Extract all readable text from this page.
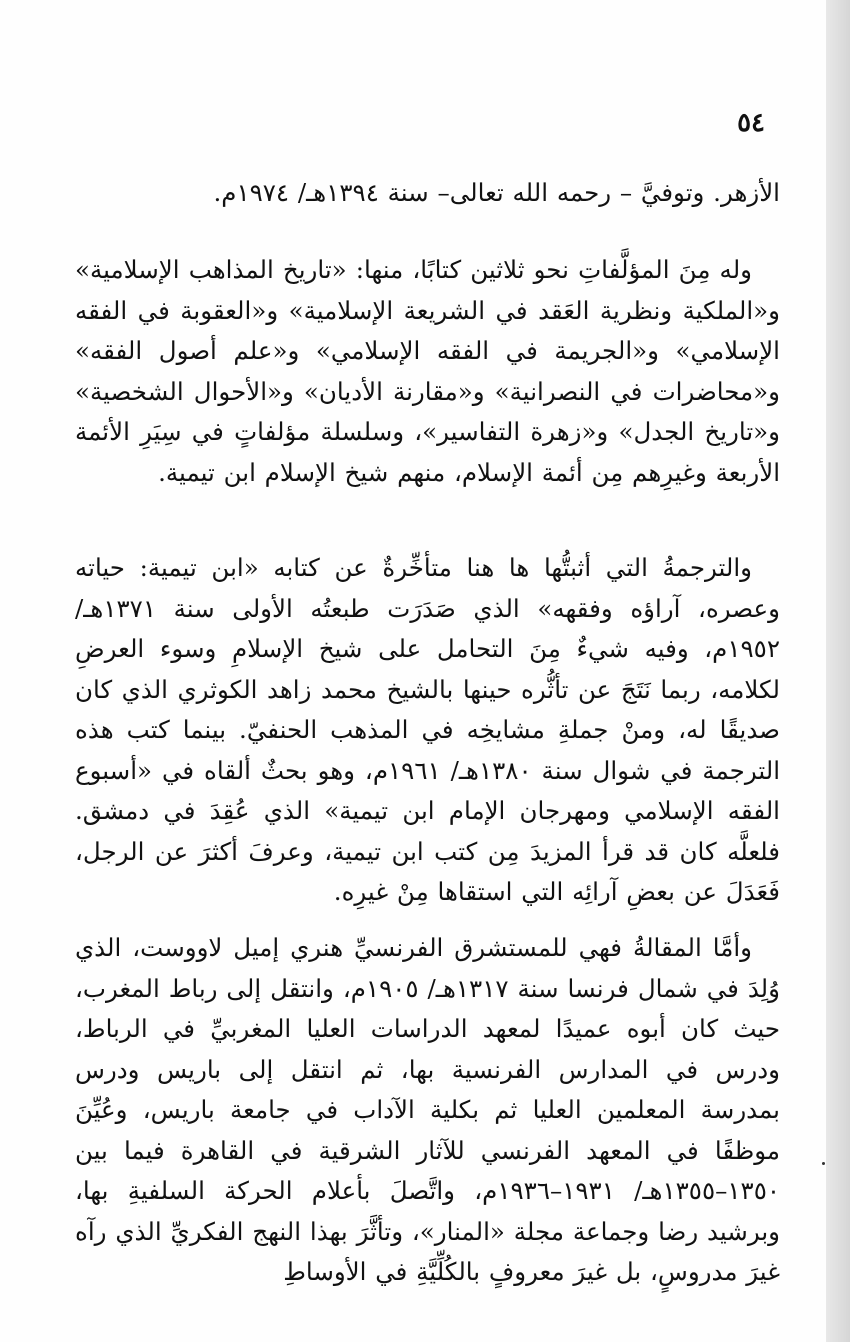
٥٤
الأزهر. وتوفيَّ – رحمه الله تعالى– سنة ١٣٩٤هـ/ ١٩٧٤م.
وله مِنَ المؤلَّفاتِ نحو ثلاثين كتابًا، منها: «تاريخ المذاهب الإسلامية» و«الملكية ونظرية العَقد في الشريعة الإسلامية» و«العقوبة في الفقه الإسلامي» و«الجريمة في الفقه الإسلامي» و«علم أصول الفقه» و«محاضرات في النصرانية» و«مقارنة الأديان» و«الأحوال الشخصية» و«تاريخ الجدل» و«زهرة التفاسير»، وسلسلة مؤلفاتٍ في سِيَرِ الأئمة الأربعة وغيرِهم مِن أئمة الإسلام، منهم شيخ الإسلام ابن تيمية.
والترجمةُ التي أثبتُّها ها هنا متأخِّرةٌ عن كتابه «ابن تيمية: حياته وعصره، آراؤه وفقهه» الذي صَدَرَت طبعتُه الأولى سنة ١٣٧١هـ/ ١٩٥٢م، وفيه شيءٌ مِنَ التحامل على شيخ الإسلامِ وسوء العرضِ لكلامه، ربما نَتَجَ عن تأثُّره حينها بالشيخ محمد زاهد الكوثري الذي كان صديقًا له، ومنْ جملةِ مشايخِه في المذهب الحنفيّ. بينما كتب هذه الترجمة في شوال سنة ١٣٨٠هـ/ ١٩٦١م، وهو بحثٌ ألقاه في «أسبوع الفقه الإسلامي ومهرجان الإمام ابن تيمية» الذي عُقِدَ في دمشق. فلعلَّه كان قد قرأ المزيدَ مِن كتب ابن تيمية، وعرفَ أكثرَ عن الرجل، فَعَدَلَ عن بعضِ آرائِه التي استقاها مِنْ غيرِه.
وأمَّا المقالةُ فهي للمستشرق الفرنسيِّ هنري إميل لاووست، الذي وُلِدَ في شمال فرنسا سنة ١٣١٧هـ/ ١٩٠٥م، وانتقل إلى رباط المغرب، حيث كان أبوه عميدًا لمعهد الدراسات العليا المغربيِّ في الرباط، ودرس في المدارس الفرنسية بها، ثم انتقل إلى باريس ودرس بمدرسة المعلمين العليا ثم بكلية الآداب في جامعة باريس، وعُيِّنَ موظفًا في المعهد الفرنسي للآثار الشرقية في القاهرة فيما بين ١٣٥٠–١٣٥٥هـ/ ١٩٣١–١٩٣٦م، واتَّصلَ بأعلام الحركة السلفيةِ بها، وبرشيد رضا وجماعة مجلة «المنار»، وتأثَّرَ بهذا النهج الفكريِّ الذي رآه غيرَ مدروسٍ، بل غيرَ معروفٍ بالكُلِّيَّةِ في الأوساطِ
